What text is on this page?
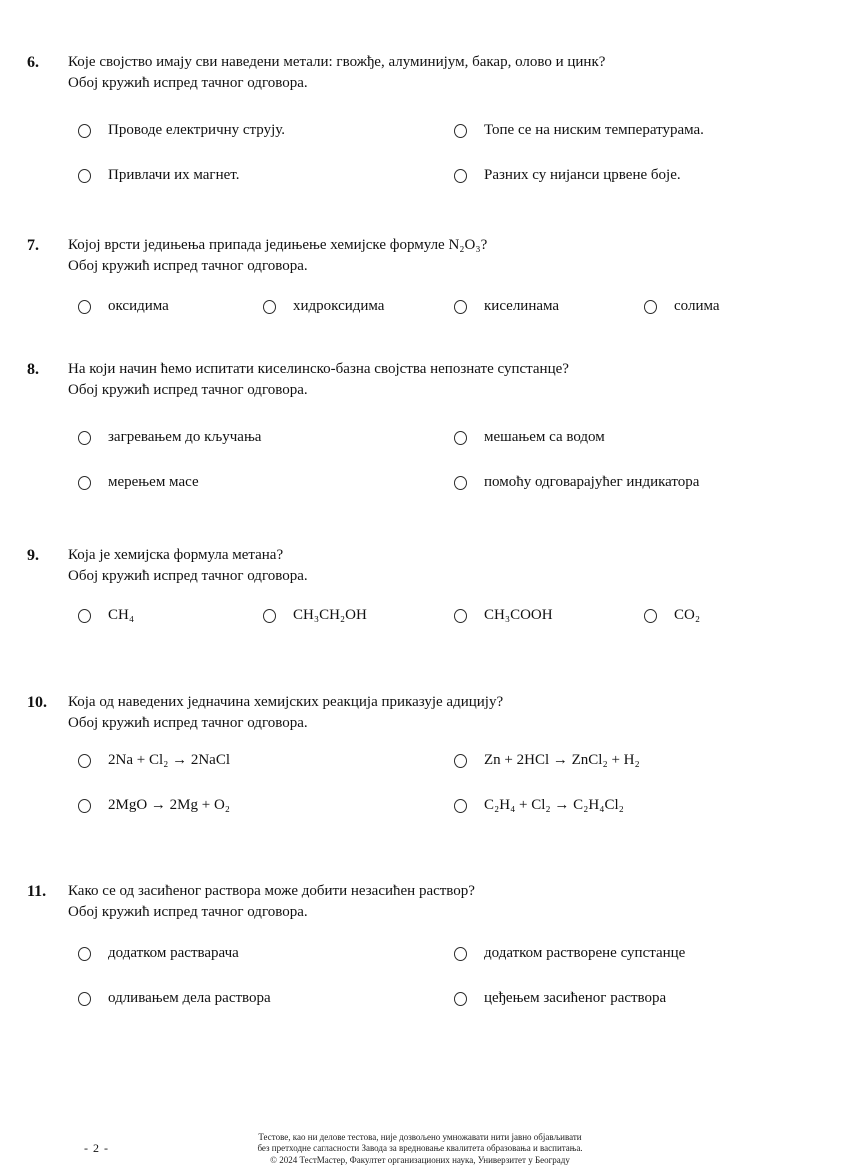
6.	Које својство имају сви наведени метали: гвожђе, алуминијум, бакар, олово и цинк?
Обој кружић испред тачног одговора.
Проводе електричну струју.	Топе се на ниским температурама.
Привлачи их магнет.	Разних су нијанси црвене боје.
7.	Којој врсти једињења припада једињење хемијске формуле N₂O₃?
Обој кружић испред тачног одговора.
оксидима	хидроксидима	киселинама	солима
8.	На који начин ћемо испитати киселинско-базна својства непознате супстанце?
Обој кружић испред тачног одговора.
загревањем до кључања	мешањем са водом
мерењем масе	помоћу одговарајућег индикатора
9.	Која је хемијска формула метана?
Обој кружић испред тачног одговора.
CH₄	CH₃CH₂OH	CH₃COOH	CO₂
10.	Која од наведених једначина хемијских реакција приказује адицију?
Обој кружић испред тачног одговора.
2Na + Cl₂ → 2NaCl	Zn + 2HCl → ZnCl₂ + H₂
2MgO → 2Mg + O₂	C₂H₄ + Cl₂ → C₂H₄Cl₂
11.	Како се од засићеног раствора може добити незасићен раствор?
Обој кружић испред тачног одговора.
додатком растварача	додатком растворене супстанце
одливањем дела раствора	цеђењем засићеног раствора
- 2 -
Тестове, као ни делове тестова, није дозвољено умножавати нити јавно објављивати
без претходне сагласности Завода за вредновање квалитета образовања и васпитања.
© 2024 ТестМастер, Факултет организационих наука, Универзитет у Београду
